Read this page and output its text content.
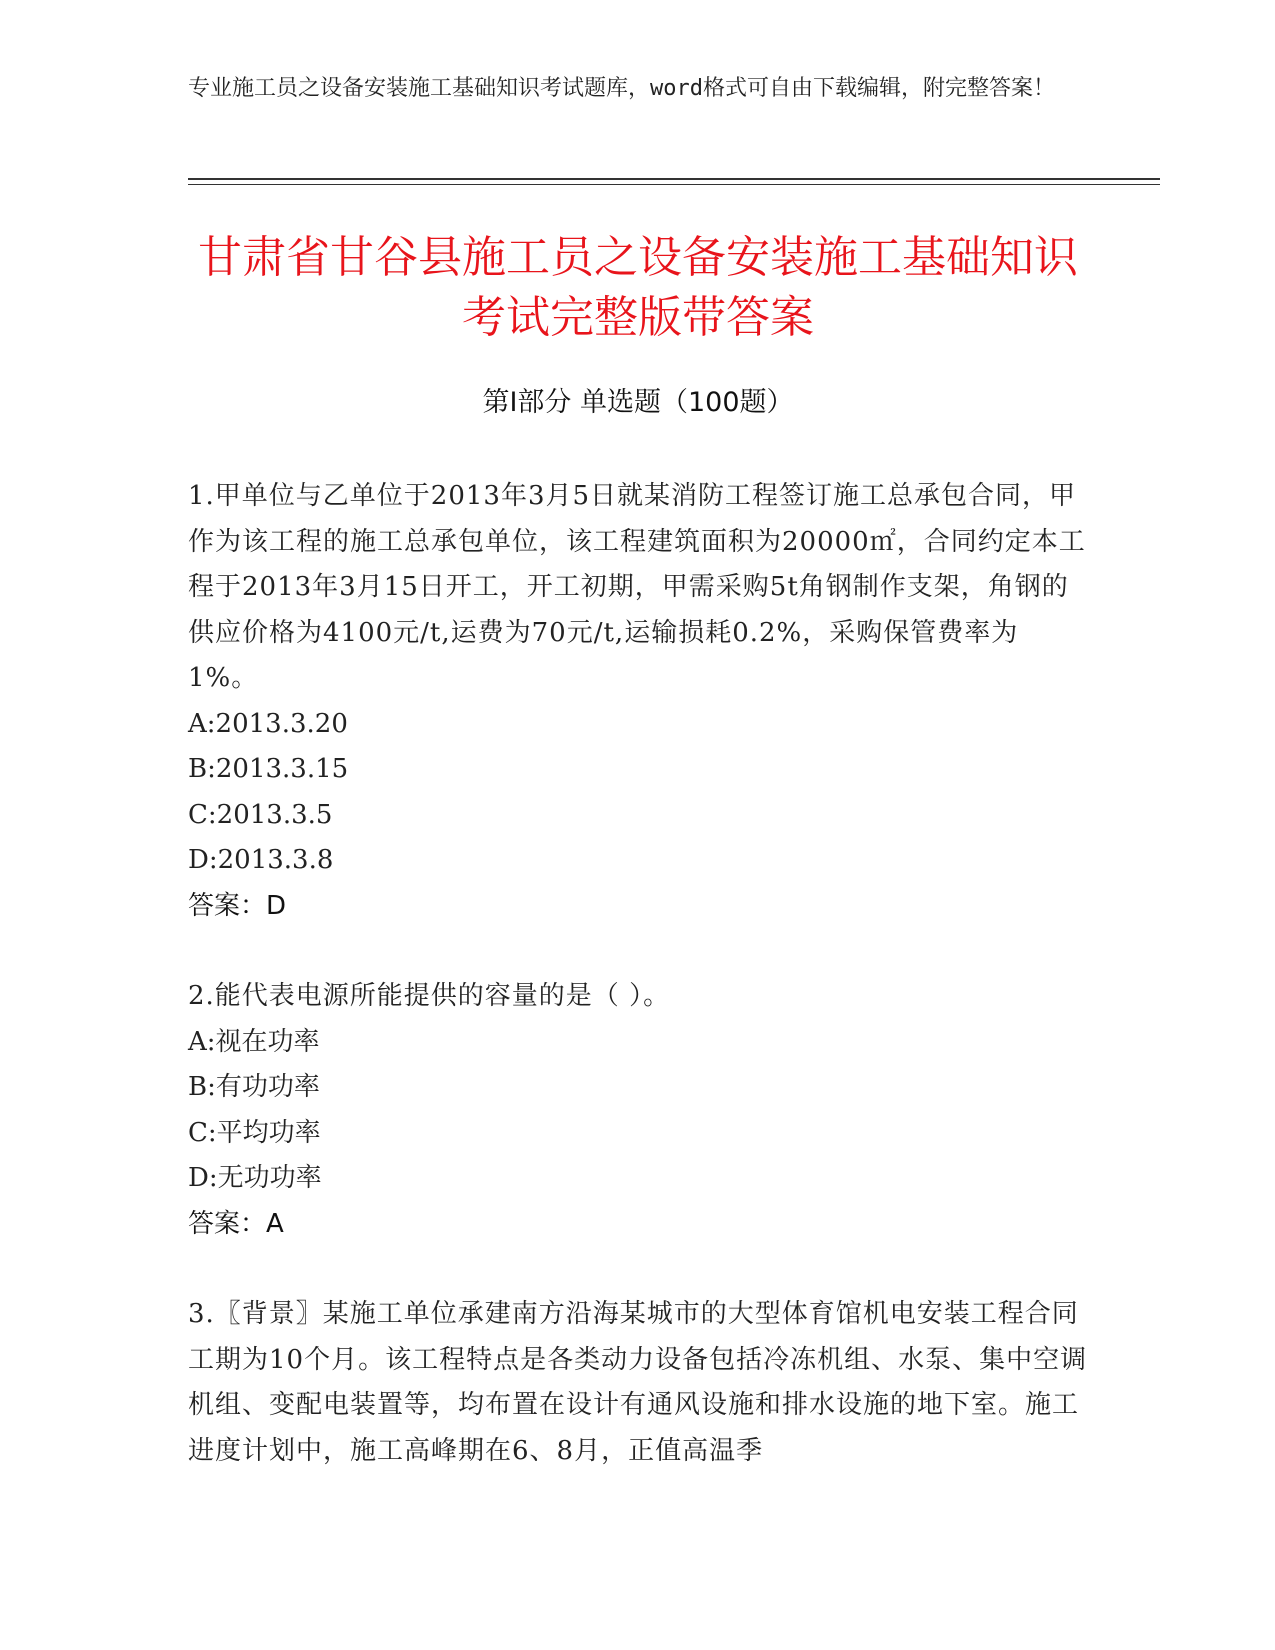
专业施工员之设备安装施工基础知识考试题库，word格式可自由下载编辑，附完整答案！
甘肃省甘谷县施工员之设备安装施工基础知识考试完整版带答案
第Ⅰ部分 单选题（100题）
1.甲单位与乙单位于2013年3月5日就某消防工程签订施工总承包合同，甲作为该工程的施工总承包单位，该工程建筑面积为20000㎡，合同约定本工程于2013年3月15日开工，开工初期，甲需采购5t角钢制作支架，角钢的供应价格为4100元/t,运费为70元/t,运输损耗0.2%，采购保管费率为1%。
A:2013.3.20
B:2013.3.15
C:2013.3.5
D:2013.3.8
答案：D
2.能代表电源所能提供的容量的是（ ）。
A:视在功率
B:有功功率
C:平均功率
D:无功功率
答案：A
3.〖背景〗某施工单位承建南方沿海某城市的大型体育馆机电安装工程合同工期为10个月。该工程特点是各类动力设备包括冷冻机组、水泵、集中空调机组、变配电装置等，均布置在设计有通风设施和排水设施的地下室。施工进度计划中，施工高峰期在6、8月，正值高温季
